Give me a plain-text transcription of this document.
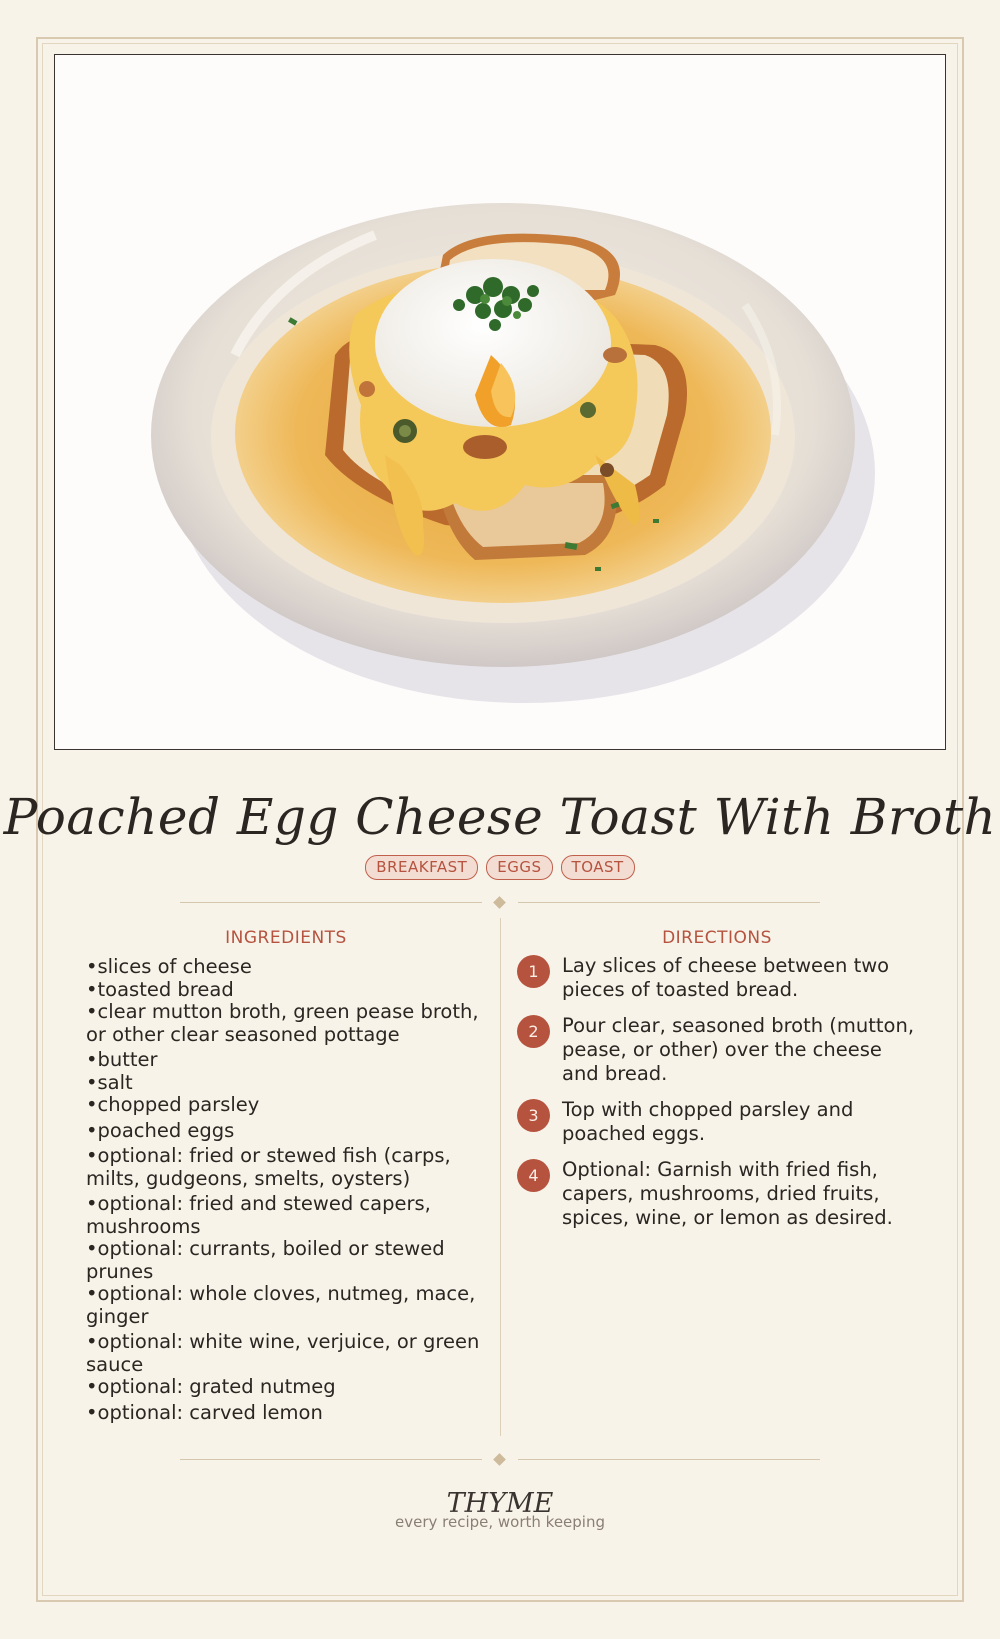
Poached Egg Cheese Toast With Broth
BREAKFAST	EGGS	TOAST
INGREDIENTS	DIRECTIONS
• slices of cheese
• toasted bread
• clear mutton broth, green pease broth, or other clear seasoned pottage
• butter
• salt
• chopped parsley
• poached eggs
• optional: fried or stewed fish (carps, milts, gudgeons, smelts, oysters)
• optional: fried and stewed capers, mushrooms
• optional: currants, boiled or stewed prunes
• optional: whole cloves, nutmeg, mace, ginger
• optional: white wine, verjuice, or green sauce
• optional: grated nutmeg
• optional: carved lemon
1	Lay slices of cheese between two pieces of toasted bread.
2	Pour clear, seasoned broth (mutton, pease, or other) over the cheese and bread.
3	Top with chopped parsley and poached eggs.
4	Optional: Garnish with fried fish, capers, mushrooms, dried fruits, spices, wine, or lemon as desired.
THYME
every recipe, worth keeping
